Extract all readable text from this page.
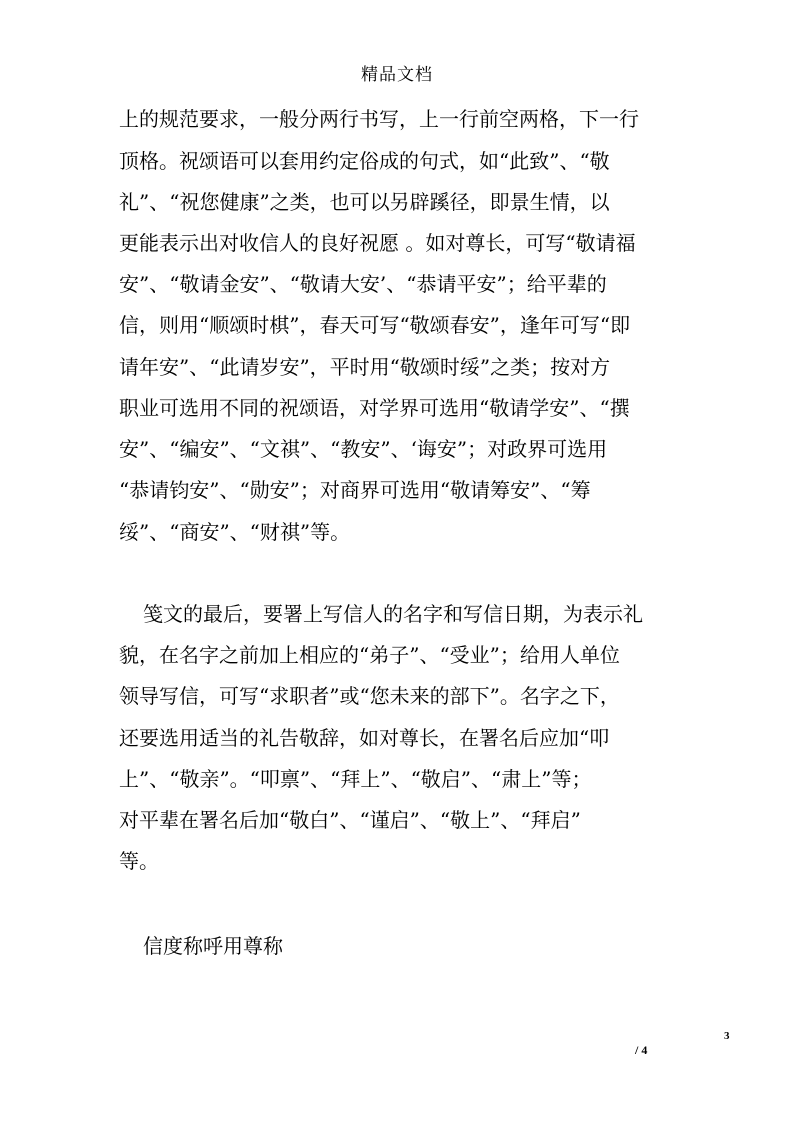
精品文档
上的规范要求，一般分两行书写，上一行前空两格，下一行
顶格。祝颂语可以套用约定俗成的句式，如“此致”、“敬
礼”、“祝您健康”之类，也可以另辟蹊径，即景生情，以
更能表示出对收信人的良好祝愿 。如对尊长，可写“敬请福
安”、“敬请金安”、“敬请大安’、“恭请平安”；给平辈的
信，则用“顺颂时棋”，春天可写“敬颂春安”，逢年可写“即
请年安”、“此请岁安”，平时用“敬颂时绥”之类；按对方
职业可选用不同的祝颂语，对学界可选用“敬请学安”、“撰
安”、“编安”、“文祺”、“教安”、‘诲安”；对政界可选用
“恭请钧安”、“勋安”；对商界可选用“敬请筹安”、“筹
绥”、“商安”、“财祺”等。
笺文的最后，要署上写信人的名字和写信日期，为表示礼
貌，在名字之前加上相应的“弟子”、“受业”；给用人单位
领导写信，可写“求职者”或“您未来的部下”。名字之下，
还要选用适当的礼告敬辞，如对尊长，在署名后应加“叩
上”、“敬亲”。“叩禀”、“拜上”、“敬启”、“肃上”等；
对平辈在署名后加“敬白”、“谨启”、“敬上”、“拜启”
等。
信度称呼用尊称
3
/ 4
